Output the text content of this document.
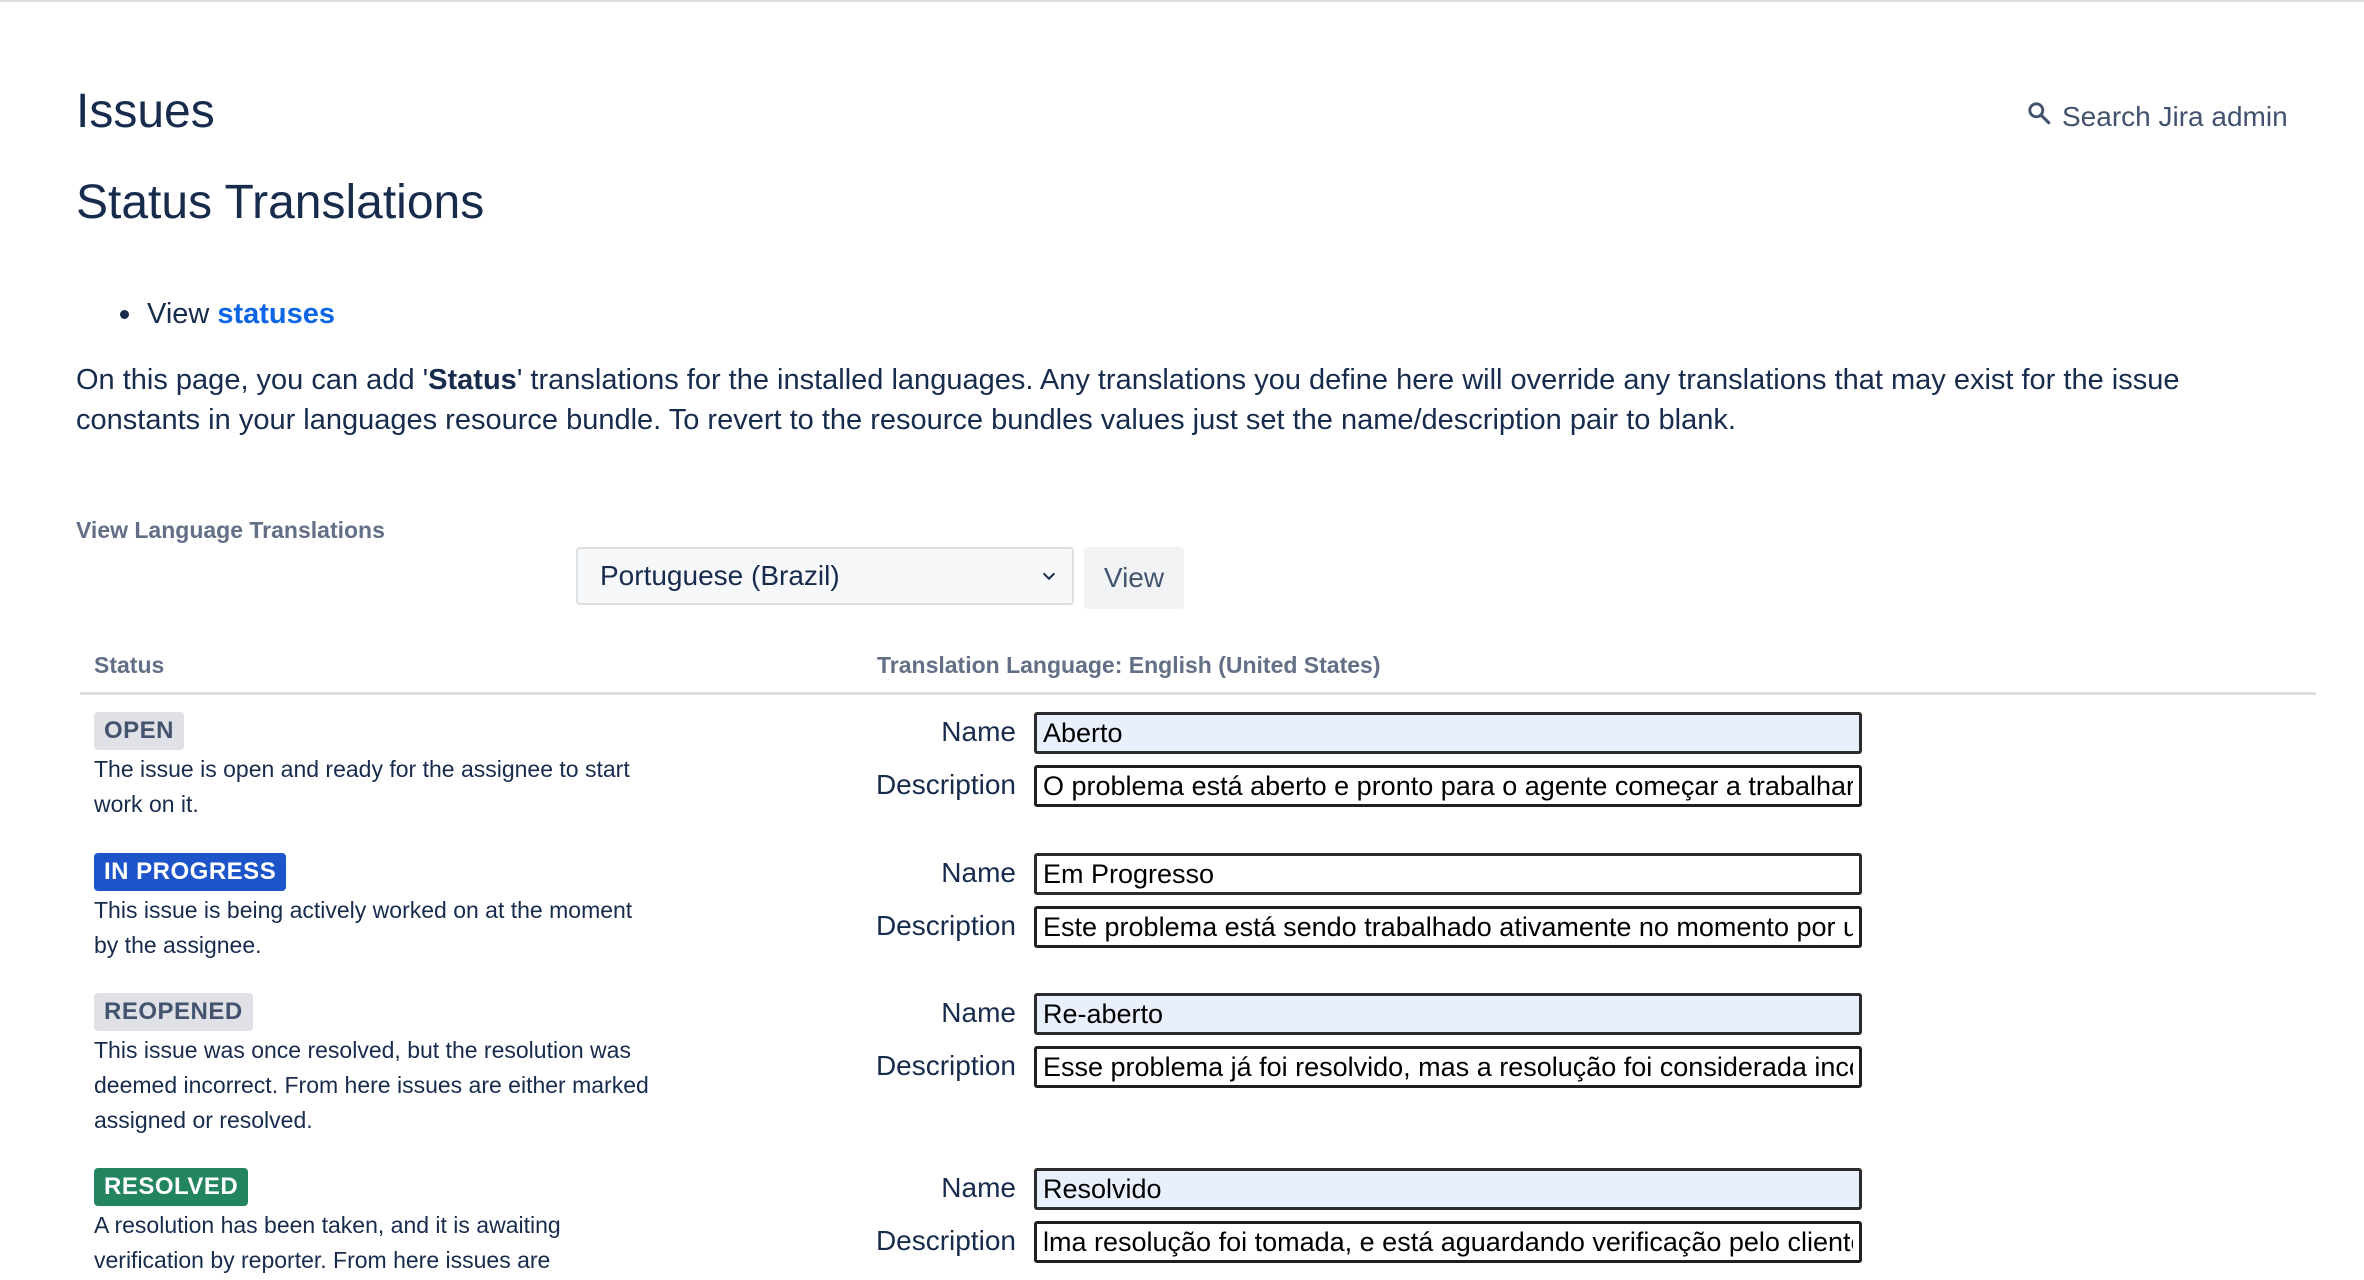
Issues
Status Translations
Search Jira admin
View statuses

On this page, you can add 'Status' translations for the installed languages. Any translations you define here will override any translations that may exist for the issue constants in your languages resource bundle. To revert to the resource bundles values just set the name/description pair to blank.

View Language Translations
Portuguese (Brazil)	View
Status	Translation Language: English (United States)
OPEN

The issue is open and ready for the assignee to start work on it.

Name
Aberto
Description
O problema está aberto e pronto para o agente começar a trabalhar
IN PROGRESS

This issue is being actively worked on at the moment by the assignee.

Name
Em Progresso
Description
Este problema está sendo trabalhado ativamente no momento por ur
REOPENED

This issue was once resolved, but the resolution was deemed incorrect. From here issues are either marked assigned or resolved.

Name
Re-aberto
Description
Esse problema já foi resolvido, mas a resolução foi considerada inco
RESOLVED

A resolution has been taken, and it is awaiting verification by reporter. From here issues are

Name
Resolvido
Description
lma resolução foi tomada, e está aguardando verificação pelo cliente
